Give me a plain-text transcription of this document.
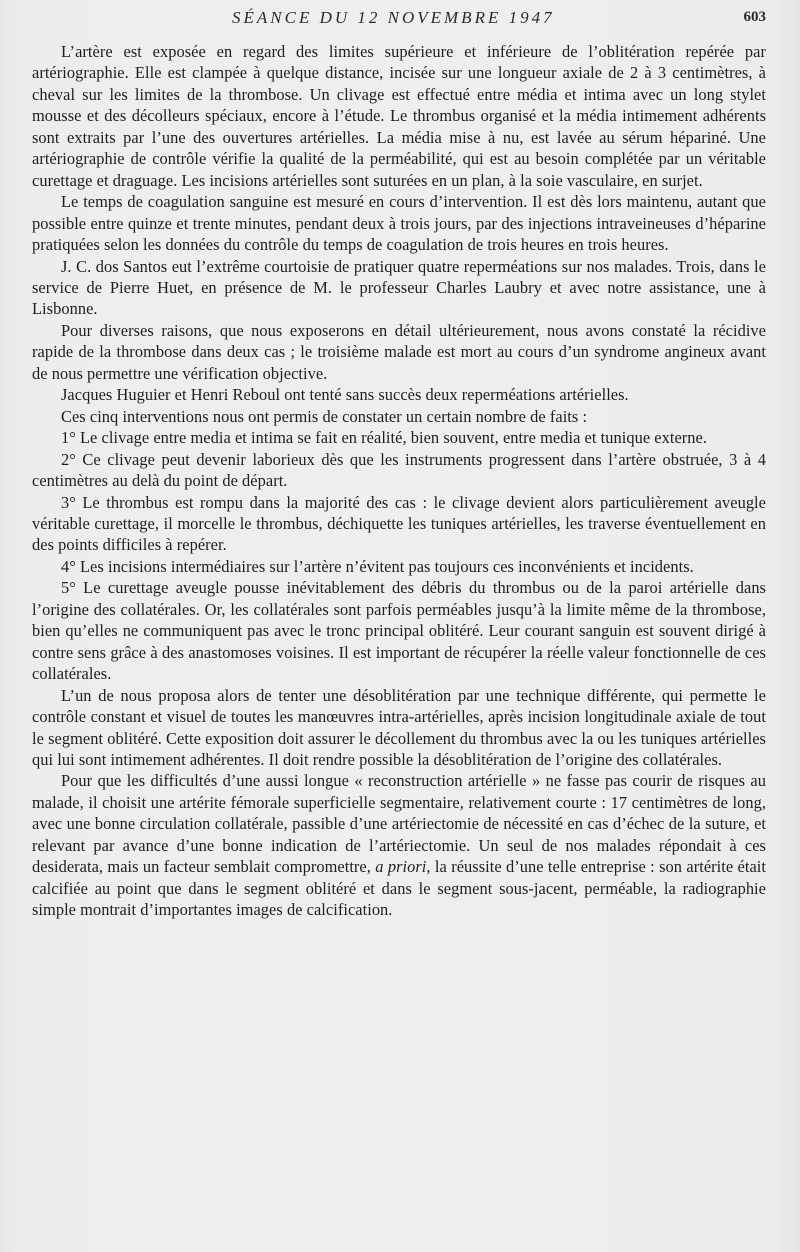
SÉANCE DU 12 NOVEMBRE 1947	603

L’artère est exposée en regard des limites supérieure et inférieure de l’oblitération repérée par artériographie. Elle est clampée à quelque distance, incisée sur une longueur axiale de 2 à 3 centimètres, à cheval sur les limites de la thrombose. Un clivage est effectué entre média et intima avec un long stylet mousse et des décolleurs spéciaux, encore à l’étude. Le thrombus organisé et la média intimement adhérents sont extraits par l’une des ouvertures artérielles. La média mise à nu, est lavée au sérum hépariné. Une artériographie de contrôle vérifie la qualité de la perméabilité, qui est au besoin complétée par un véritable curettage et draguage. Les incisions artérielles sont suturées en un plan, à la soie vasculaire, en surjet.

Le temps de coagulation sanguine est mesuré en cours d’intervention. Il est dès lors maintenu, autant que possible entre quinze et trente minutes, pendant deux à trois jours, par des injections intraveineuses d’héparine pratiquées selon les données du contrôle du temps de coagulation de trois heures en trois heures.

J. C. dos Santos eut l’extrême courtoisie de pratiquer quatre reperméations sur nos malades. Trois, dans le service de Pierre Huet, en présence de M. le professeur Charles Laubry et avec notre assistance, une à Lisbonne.

Pour diverses raisons, que nous exposerons en détail ultérieurement, nous avons constaté la récidive rapide de la thrombose dans deux cas ; le troisième malade est mort au cours d’un syndrome angineux avant de nous permettre une vérification objective.

Jacques Huguier et Henri Reboul ont tenté sans succès deux reperméations artérielles.

Ces cinq interventions nous ont permis de constater un certain nombre de faits :

1° Le clivage entre media et intima se fait en réalité, bien souvent, entre media et tunique externe.

2° Ce clivage peut devenir laborieux dès que les instruments progressent dans l’artère obstruée, 3 à 4 centimètres au delà du point de départ.

3° Le thrombus est rompu dans la majorité des cas : le clivage devient alors particulièrement aveugle véritable curettage, il morcelle le thrombus, déchiquette les tuniques artérielles, les traverse éventuellement en des points difficiles à repérer.

4° Les incisions intermédiaires sur l’artère n’évitent pas toujours ces inconvénients et incidents.

5° Le curettage aveugle pousse inévitablement des débris du thrombus ou de la paroi artérielle dans l’origine des collatérales. Or, les collatérales sont parfois perméables jusqu’à la limite même de la thrombose, bien qu’elles ne communiquent pas avec le tronc principal oblitéré. Leur courant sanguin est souvent dirigé à contre sens grâce à des anastomoses voisines. Il est important de récupérer la réelle valeur fonctionnelle de ces collatérales.

L’un de nous proposa alors de tenter une désoblitération par une technique différente, qui permette le contrôle constant et visuel de toutes les manœuvres intra-artérielles, après incision longitudinale axiale de tout le segment oblitéré. Cette exposition doit assurer le décollement du thrombus avec la ou les tuniques artérielles qui lui sont intimement adhérentes. Il doit rendre possible la désoblitération de l’origine des collatérales.

Pour que les difficultés d’une aussi longue « reconstruction artérielle » ne fasse pas courir de risques au malade, il choisit une artérite fémorale superficielle segmentaire, relativement courte : 17 centimètres de long, avec une bonne circulation collatérale, passible d’une artériectomie de nécessité en cas d’échec de la suture, et relevant par avance d’une bonne indication de l’artériectomie. Un seul de nos malades répondait à ces desiderata, mais un facteur semblait compromettre, a priori, la réussite d’une telle entreprise : son artérite était calcifiée au point que dans le segment oblitéré et dans le segment sous-jacent, perméable, la radiographie simple montrait d’importantes images de calcification.
